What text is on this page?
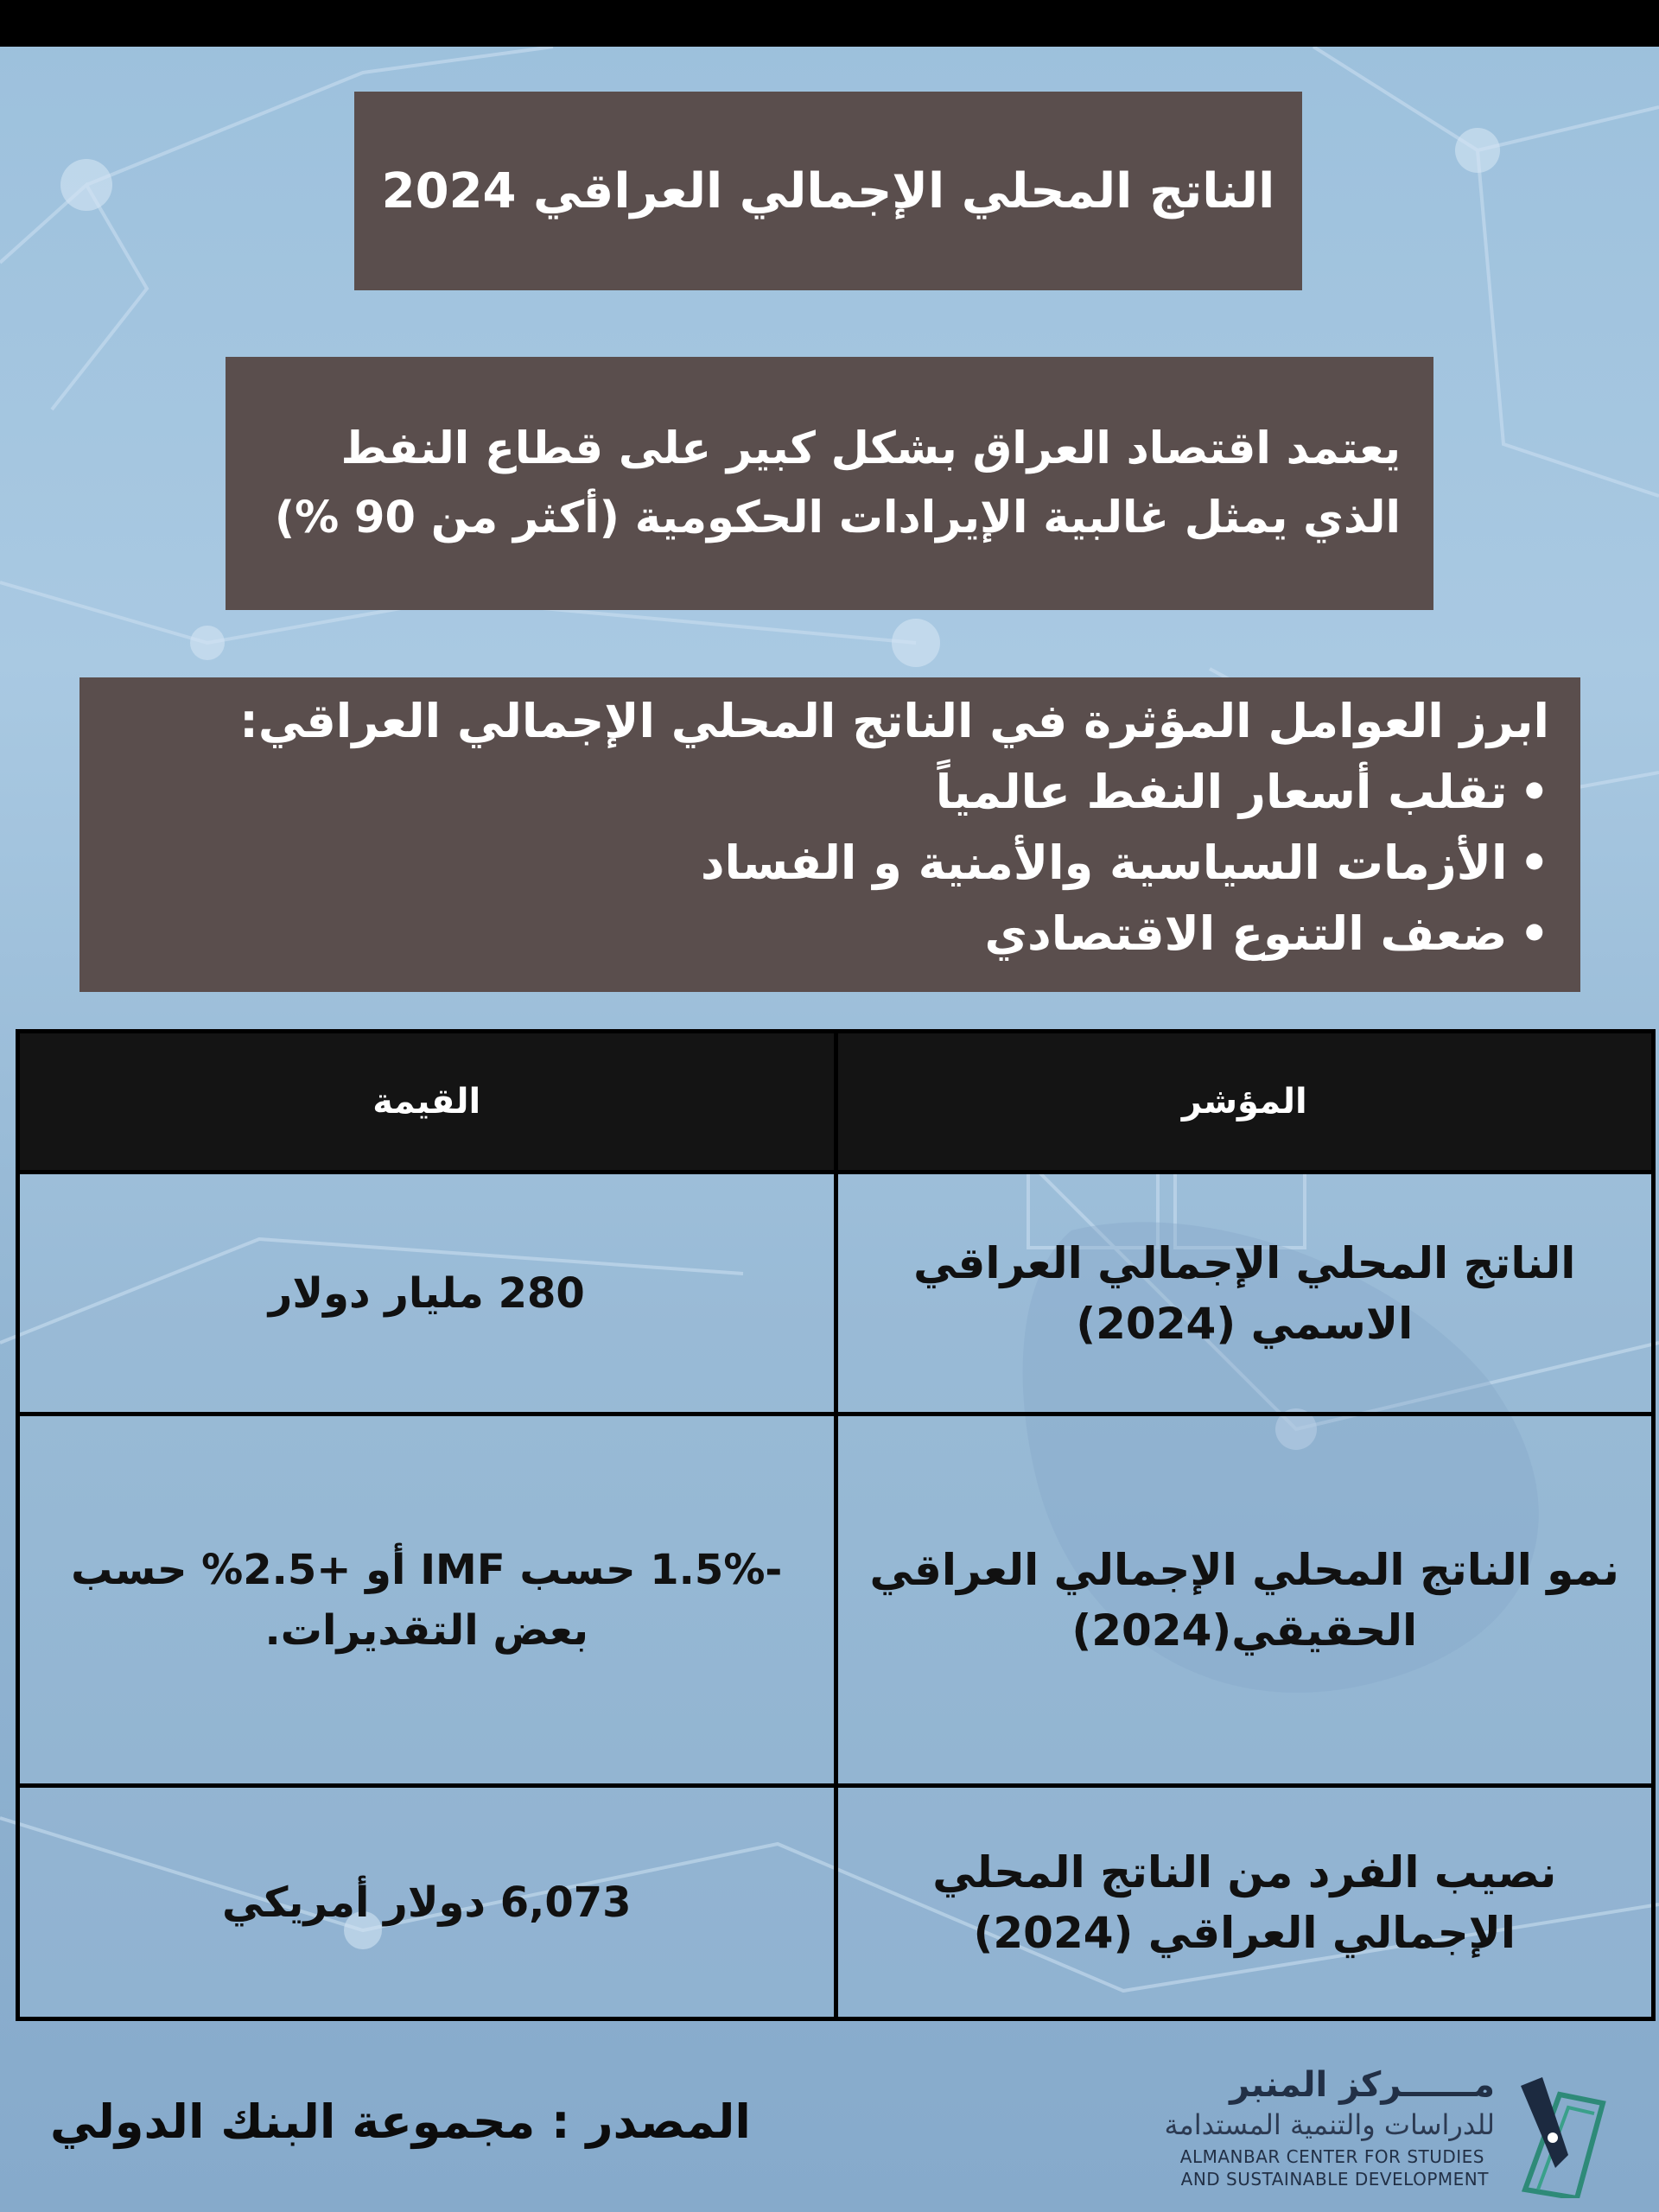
الناتج المحلي الإجمالي العراقي 2024
يعتمد اقتصاد العراق بشكل كبير على قطاع النفط
الذي يمثل غالبية الإيرادات الحكومية (أكثر من 90 %)
ابرز العوامل المؤثرة في الناتج المحلي الإجمالي العراقي:
• تقلب أسعار النفط عالمياً
• الأزمات السياسية والأمنية و الفساد
• ضعف التنوع الاقتصادي
المؤشر	القيمة
الناتج المحلي الإجمالي العراقي الاسمي (2024)	280 مليار دولار
نمو الناتج المحلي الإجمالي العراقي الحقيقي(2024)	-1.5% حسب IMF أو +2.5% حسب بعض التقديرات.
نصيب الفرد من الناتج المحلي الإجمالي العراقي (2024)	6,073 دولار أمريكي
المصدر : مجموعة البنك الدولي
مــــــركز المنبر
للدراسات والتنمية المستدامة
ALMANBAR CENTER FOR STUDIES
AND SUSTAINABLE DEVELOPMENT
